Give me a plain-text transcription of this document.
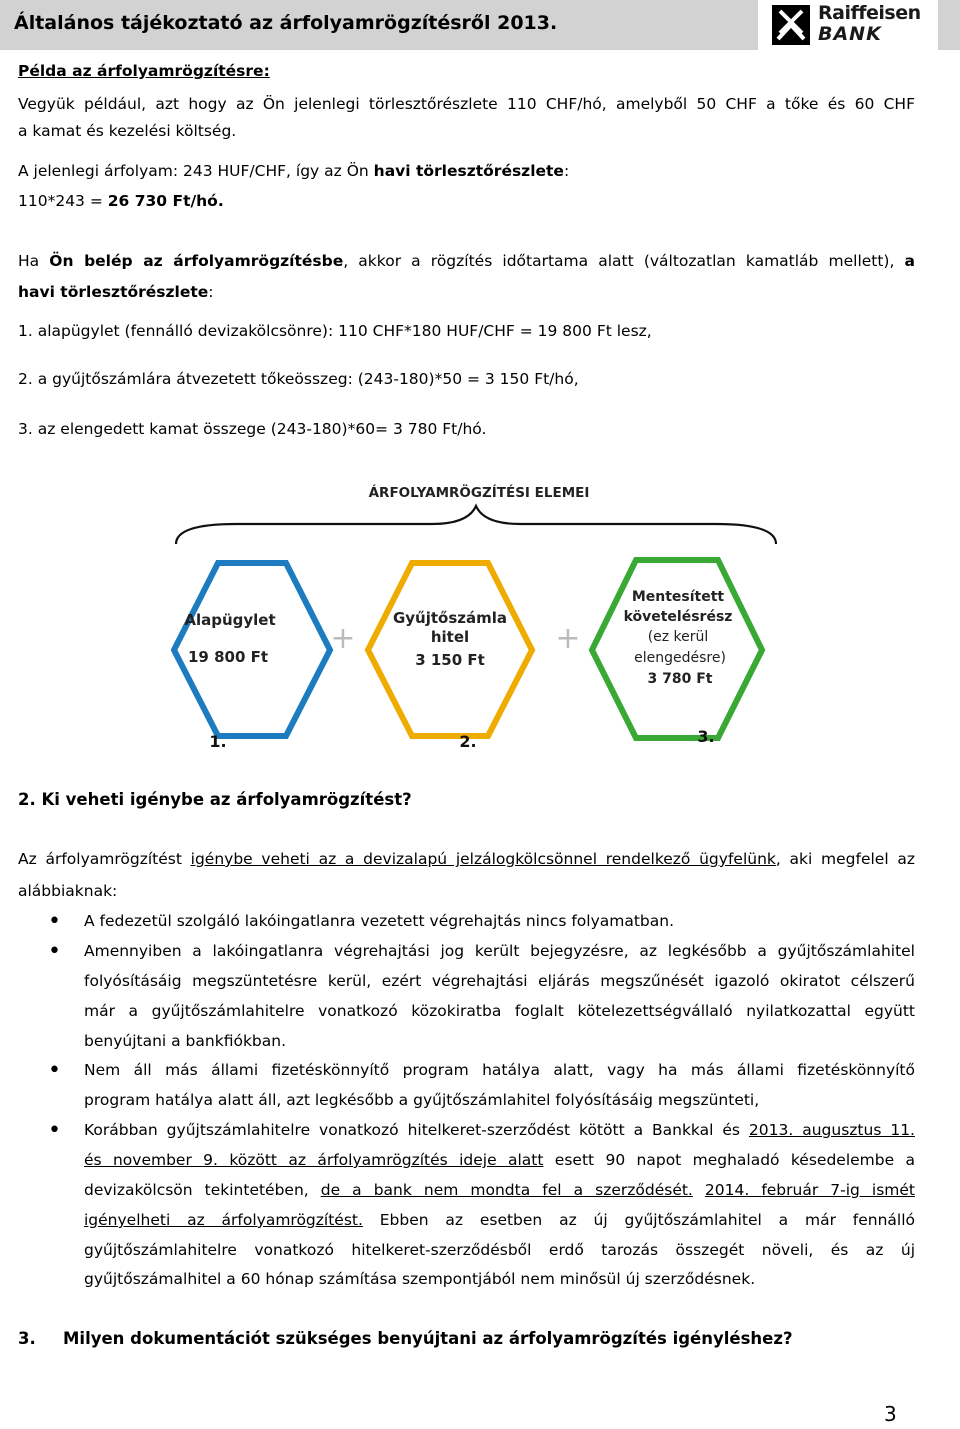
Általános tájékoztató az árfolyamrögzítésről 2013.	Raiffeisen
BANK
Példa az árfolyamrögzítésre:
Vegyük például, azt hogy az Ön jelenlegi törlesztőrészlete 110 CHF/hó, amelyből 50 CHF a tőke és 60 CHF
a kamat és kezelési költség.
A jelenlegi árfolyam: 243 HUF/CHF, így az Ön havi törlesztőrészlete:
110*243 = 26 730 Ft/hó.
Ha Ön belép az árfolyamrögzítésbe, akkor a rögzítés időtartama alatt (változatlan kamatláb mellett), a
havi törlesztőrészlete:
1. alapügylet (fennálló devizakölcsönre): 110 CHF*180 HUF/CHF = 19 800 Ft lesz,
2. a gyűjtőszámlára átvezetett tőkeösszeg: (243-180)*50 = 3 150 Ft/hó,
3. az elengedett kamat összege (243-180)*60= 3 780 Ft/hó.
ÁRFOLYAMRÖGZÍTÉSI ELEMEI
Alapügylet
19 800 Ft
+
Gyűjtőszámla
hitel
3 150 Ft
+
Mentesített
követelésrész
(ez kerül
elengedésre)
3 780 Ft
1.	2.	3.
2. Ki veheti igénybe az árfolyamrögzítést?
Az árfolyamrögzítést igénybe veheti az a devizalapú jelzálogkölcsönnel rendelkező ügyfelünk, aki megfelel az
alábbiaknak:
• A fedezetül szolgáló lakóingatlanra vezetett végrehajtás nincs folyamatban.
• Amennyiben a lakóingatlanra végrehajtási jog került bejegyzésre, az legkésőbb a gyűjtőszámlahitel
folyósításáig megszüntetésre kerül, ezért végrehajtási eljárás megszűnését igazoló okiratot célszerű
már a gyűjtőszámlahitelre vonatkozó közokiratba foglalt kötelezettségvállaló nyilatkozattal együtt
benyújtani a bankfiókban.
• Nem áll más állami fizetéskönnyítő program hatálya alatt, vagy ha más állami fizetéskönnyítő
program hatálya alatt áll, azt legkésőbb a gyűjtőszámlahitel folyósításáig megszünteti,
• Korábban gyűjtszámlahitelre vonatkozó hitelkeret-szerződést kötött a Bankkal és 2013. augusztus 11.
és november 9. között az árfolyamrögzítés ideje alatt esett 90 napot meghaladó késedelembe a
devizakölcsön tekintetében, de a bank nem mondta fel a szerződését. 2014. február 7-ig ismét
igényelheti az árfolyamrögzítést. Ebben az esetben az új gyűjtőszámlahitel a már fennálló
gyűjtőszámlahitelre vonatkozó hitelkeret-szerződésből erdő tarozás összegét növeli, és az új
gyűjtőszámalhitel a 60 hónap számítása szempontjából nem minősül új szerződésnek.
3. Milyen dokumentációt szükséges benyújtani az árfolyamrögzítés igényléshez?
3
